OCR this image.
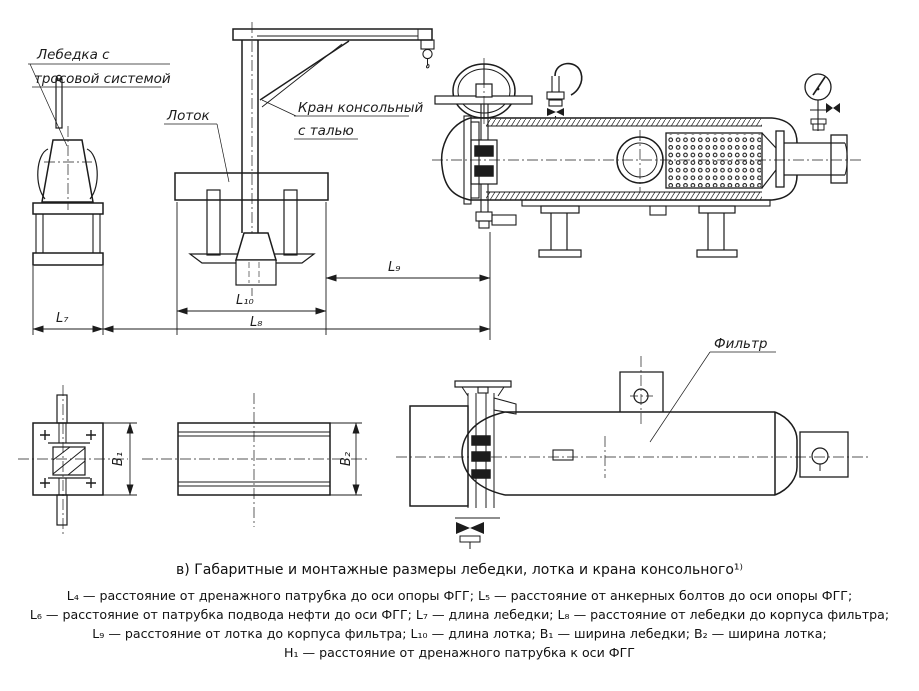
Кран консольный
с талью
Лебедка с
тросовой системой
Лоток
L₇	L₈
L₉
L₁₀
B₁	B₂
Фильтр
в) Габаритные и монтажные размеры лебедки, лотка и крана консольного¹⁾
L₄ — расстояние от дренажного патрубка до оси опоры ФГГ; L₅ — расстояние от анкерных болтов до оси опоры ФГГ;
L₆ — расстояние от патрубка подвода нефти до оси ФГГ; L₇ — длина лебедки; L₈ — расстояние от лебедки до корпуса фильтра;
L₉ — расстояние от лотка до корпуса фильтра; L₁₀ — длина лотка; B₁ — ширина лебедки; B₂ — ширина лотка;
H₁ — расстояние от дренажного патрубка к оси ФГГ
